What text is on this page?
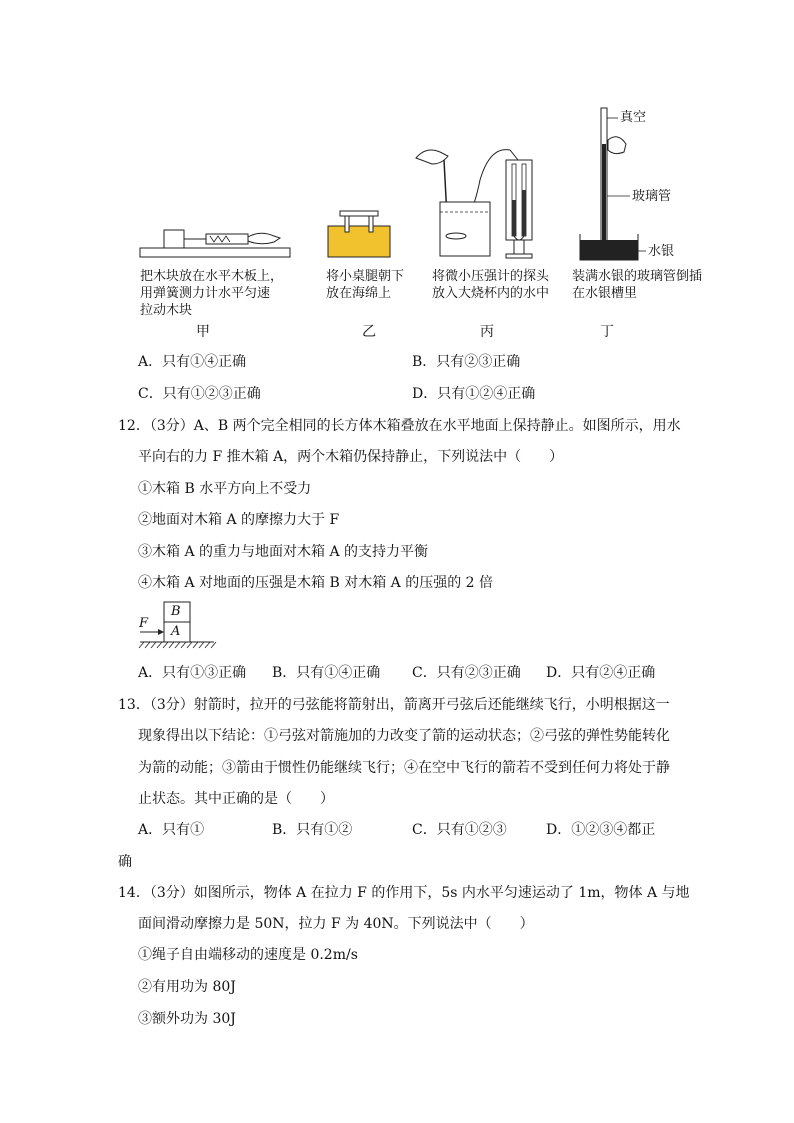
把木块放在水平木板上，
用弹簧测力计水平匀速
拉动木块
甲
将小桌腿朝下
放在海绵上
乙
将微小压强计的探头
放入大烧杯内的水中
丙
真空
玻璃管
水银
装满水银的玻璃管倒插
在水银槽里
丁
A．只有①④正确	B．只有②③正确
C．只有①②③正确	D．只有①②④正确
12．（3分）A、B 两个完全相同的长方体木箱叠放在水平地面上保持静止。如图所示，用水
平向右的力 F 推木箱 A，两个木箱仍保持静止，下列说法中（　　）
①木箱 B 水平方向上不受力
②地面对木箱 A 的摩擦力大于 F
③木箱 A 的重力与地面对木箱 A 的支持力平衡
④木箱 A 对地面的压强是木箱 B 对木箱 A 的压强的 2 倍
B
A
F
A．只有①③正确 B．只有①④正确 C．只有②③正确 D．只有②④正确
13．（3分）射箭时，拉开的弓弦能将箭射出，箭离开弓弦后还能继续飞行，小明根据这一
现象得出以下结论：①弓弦对箭施加的力改变了箭的运动状态；②弓弦的弹性势能转化
为箭的动能；③箭由于惯性仍能继续飞行；④在空中飞行的箭若不受到任何力将处于静
止状态。其中正确的是（　　）
A．只有①	B．只有①②	C．只有①②③	D．①②③④都正
确
14．（3分）如图所示，物体 A 在拉力 F 的作用下，5s 内水平匀速运动了 1m，物体 A 与地
面间滑动摩擦力是 50N，拉力 F 为 40N。下列说法中（　　）
①绳子自由端移动的速度是 0.2m/s
②有用功为 80J
③额外功为 30J
